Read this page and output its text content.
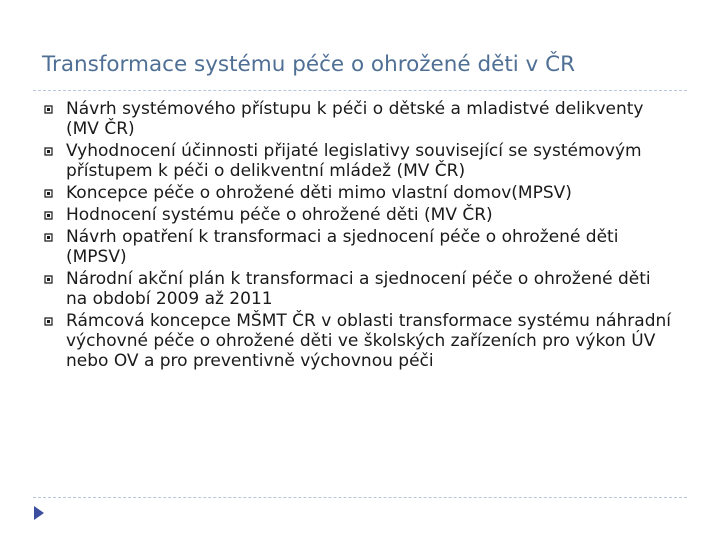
Transformace systému péče o ohrožené děti v ČR
Návrh systémového přístupu k péči o dětské a mladistvé delikventy (MV ČR)
Vyhodnocení účinnosti přijaté legislativy související se systémovým přístupem k péči o delikventní mládež (MV ČR)
Koncepce péče o ohrožené děti mimo vlastní domov(MPSV)
Hodnocení systému péče o ohrožené děti (MV ČR)
Návrh opatření k transformaci a sjednocení péče o ohrožené děti (MPSV)
Národní akční plán k transformaci a sjednocení péče o ohrožené děti na období 2009 až 2011
Rámcová koncepce MŠMT ČR v oblasti transformace systému náhradní výchovné péče o ohrožené děti ve školských zařízeních pro výkon ÚV nebo OV a pro preventivně výchovnou péči
